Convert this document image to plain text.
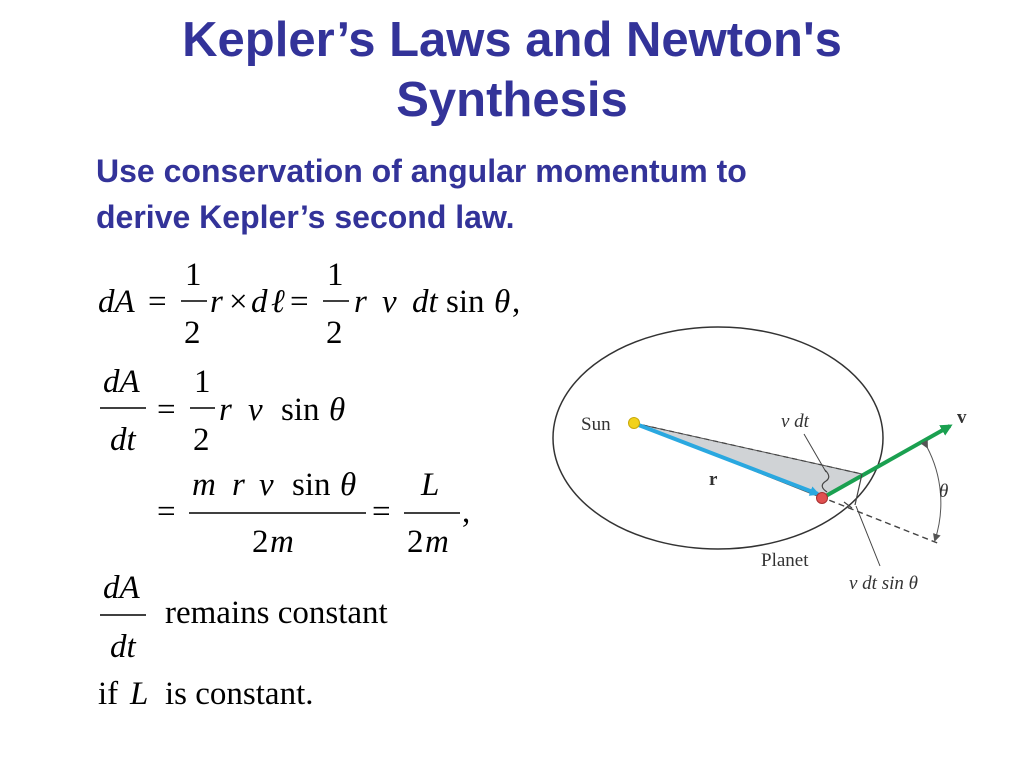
Kepler’s Laws and Newton's
Synthesis
Use conservation of angular momentum to
derive Kepler’s second law.
dA =
1
2
r × d ℓ =
1
2
r v dt sin θ ,
dA
dt
=
1
2
r v sin θ
=
m r v sin θ
2 m
=
L
2 m
,
dA
dt
remains constant
if L is constant.
Sun
r⃗
v⃗
v dt
θ
Planet
v dt sin θ
